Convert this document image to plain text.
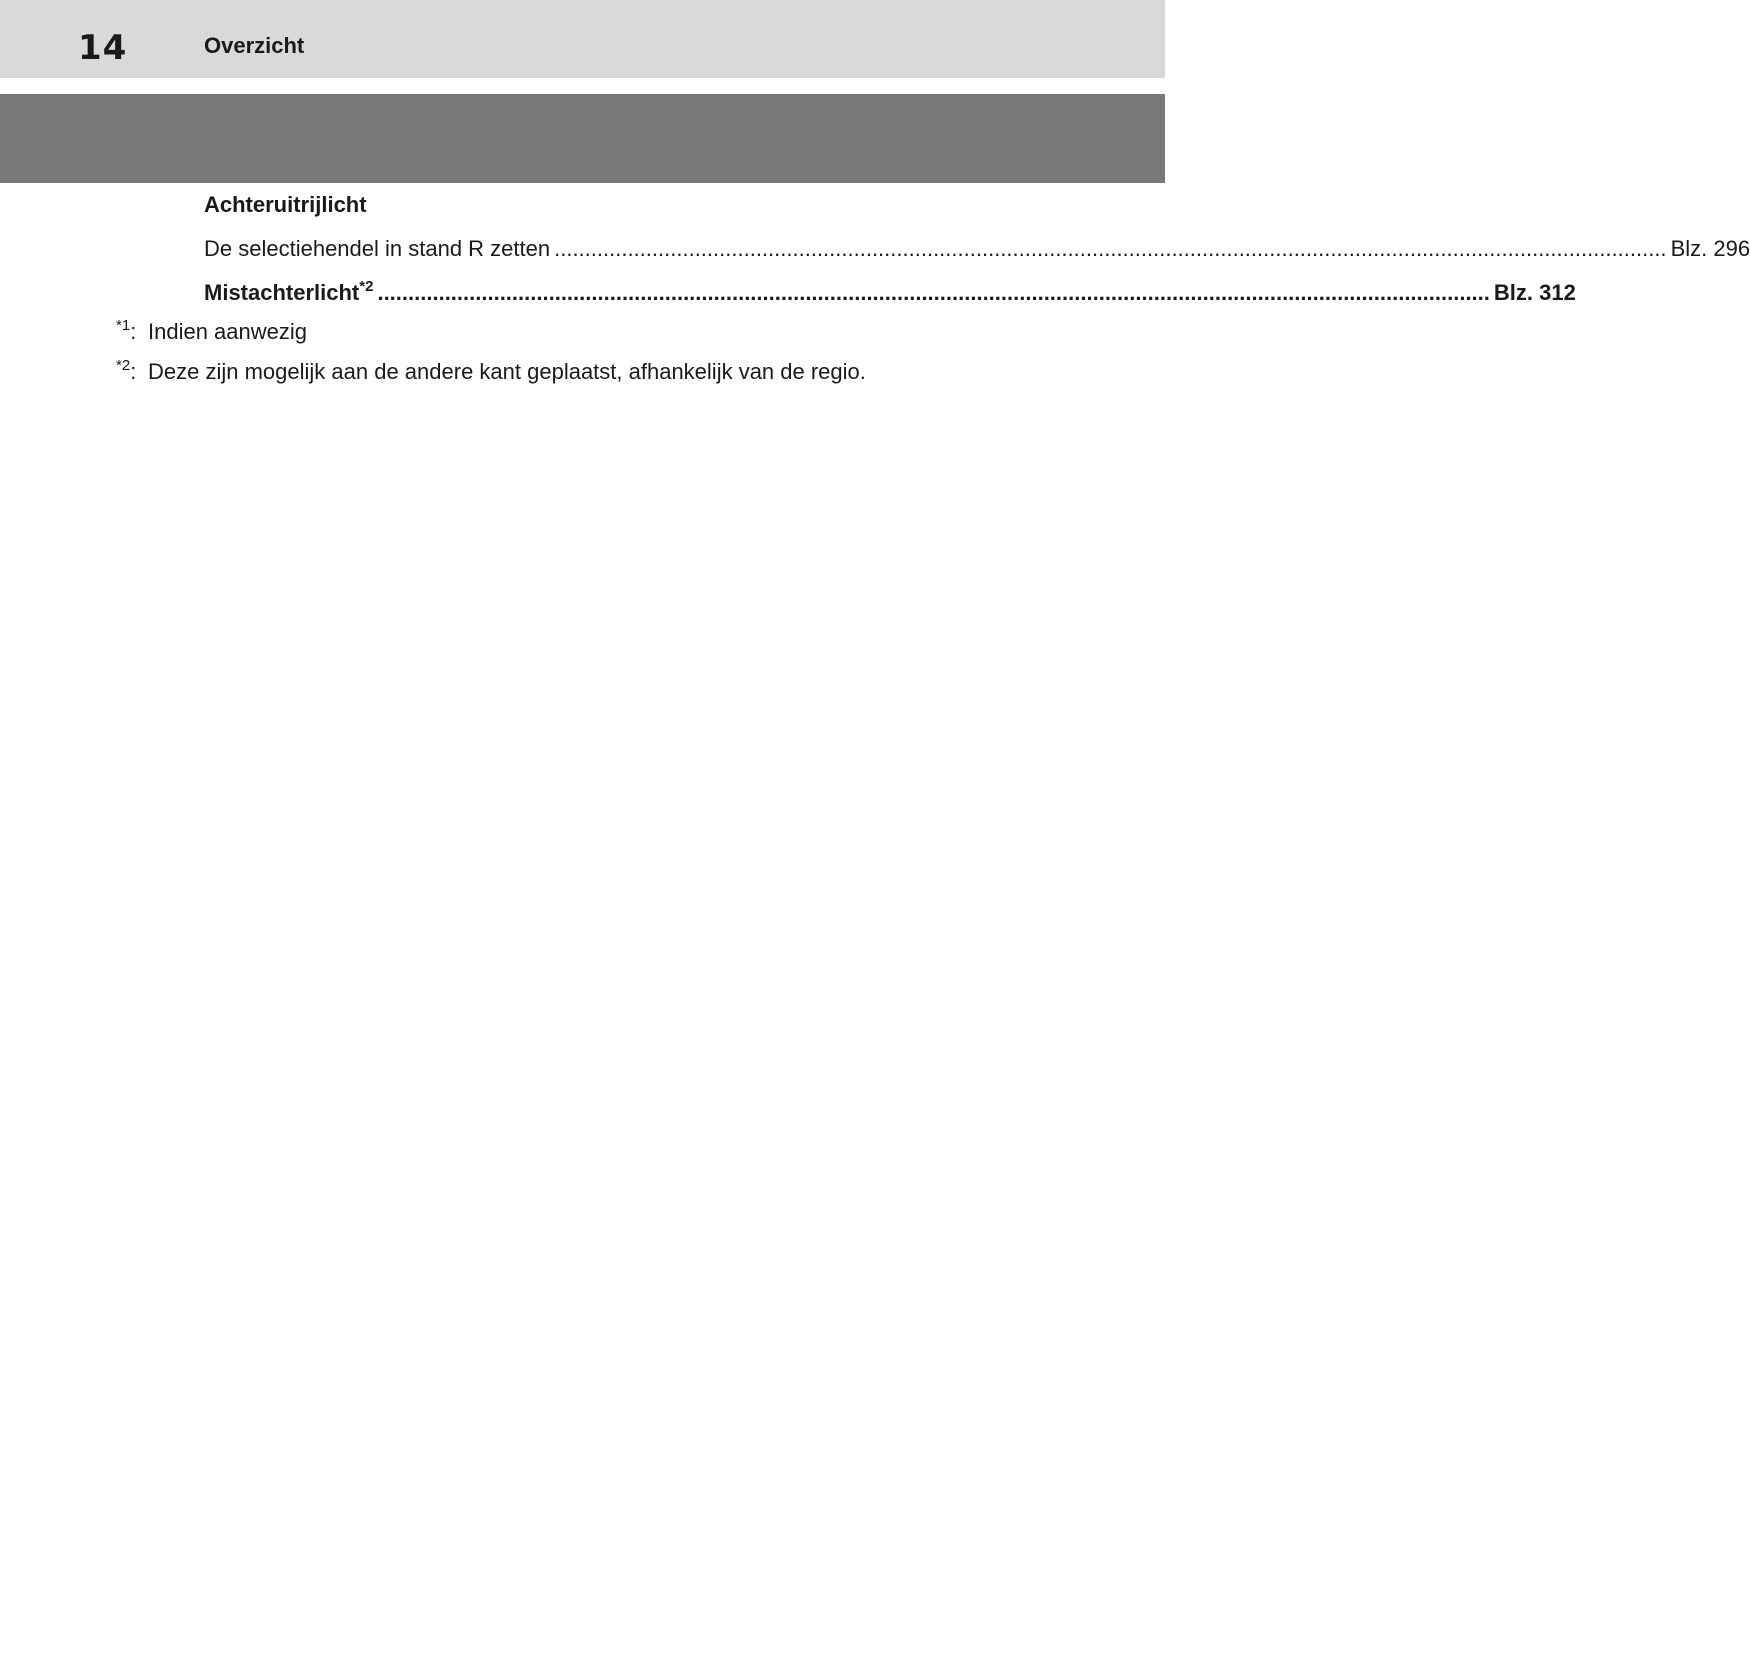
14	Overzicht
Achteruitrijlicht
De selectiehendel in stand R zetten ...................................................................................................................................................................................... Blz. 296
Mistachterlicht$^{*2}$ ...................................................................................................................................................................................... Blz. 312
$^{*1}$: Indien aanwezig
$^{*2}$: Deze zijn mogelijk aan de andere kant geplaatst, afhankelijk van de regio.
